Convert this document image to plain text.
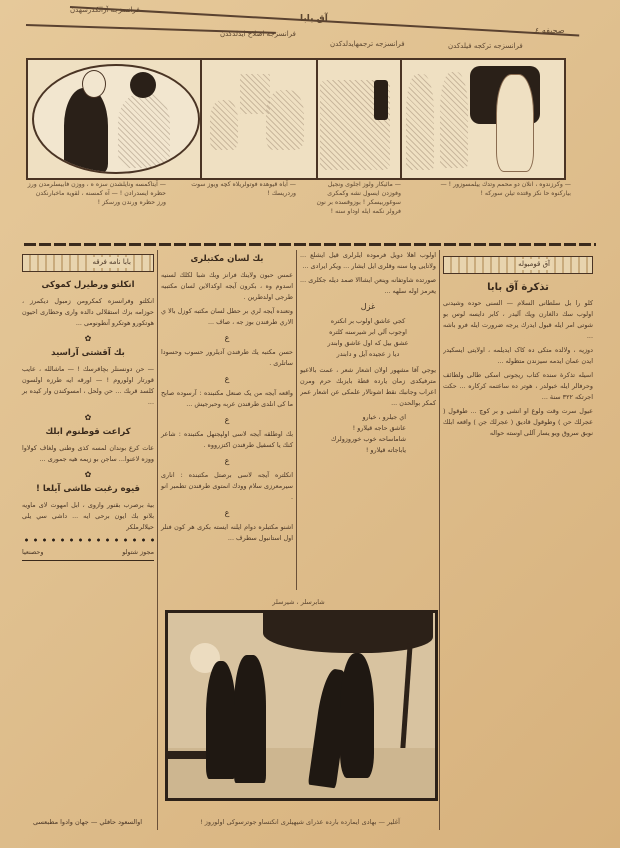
فرانسزجه آزالكدرسهدن
آق بابا
صحيفه ٤
فرانسزجه اصلاح ايدلدكدن
فرانسزجه ترجمهايدلدكدن	فرانسزجه تركجه فيلدكدن
— آيتاكمسه ونايلشدن سزه ه ، ووزن فابيسلرمدن ورز حظره ايسدرادن ! — آه كمسنه ، لقوية ماخبارنكدن ورز حظره ورندن ورسكز !
— آياه قيوهده فوتولريلاه كچه ويوز سوت وردريسك !
— مائيكار ولوز اجلوى ونجيل وفوزدن ايسول نشه وكمكرى سوغوربيسكر ! بوزوقسده بر نون فرولر نكمه ايله اوداو سنه !
— وكرزندوه ، انلان دو محمم وتدك ييلمسوزور ! — بياركنوه حا نكز وقتده تيلن سوركه !
بابا نامه فرقه
انكلتو ورطيرل كموكى

انكلتو وفرانسزه كمكرومن زمبول ديكمرز ، حوزامه بزك استقلالى دالده وارى وحطارى احيون هوتكورو هوتكرو آنطونومى ...

✿
بك آقشتى آراسيد

— حن دونسنلر بچاقرسك ! — ماشالله ، عايب قورتار اولوروم ! — اورقه ايه طرزه اولسون كلسد قربك ... حن ولحل ، امسوكندن وار كيده بر ...

✿
كراعت قوطنوم ابلك

عات كرع بوندان لمسه كذى وطنى ولغاف كولاوا ووزه لاعنوا... ساجن بو زيمه هيه جمورى ...

✿
قيوه رغبت طاشى آيلعا !

بية برصرب بقنور وازوى ، ابل امهوت لاى ماويه بلانو بك ايون برحى ايه ... داشى سي يلى حيلالرملكر

مجوز شتولو
وحصنعيا
اوالسعود حافلي — جهان وادوا مطبعسى
بك لسان مكتبلرى

عمس حبون ولاينك فرانز وبك شبا لكلك لسنيه اسدوم وه ، بكرون آيجه اوكدالاين لسان مكتبيه طرجى اولدطرين .

وتعنده آيجه لري بر حطل لسان مكتبه كوزل بالا ي الاري طرفندن بوز جه ، صاف ...

ع

حسن مكتبه يك طرفندن آديلرور حسوب وحسودا ساتلرى .

ع

واقعه آيجه من یک صنعل مکنبنده : آرسوده صابح ما كى انلدى طرفندن عربه وحبرجيش ...

ع

بك اوطلقه آيجه لاسى اولپجنهل مكتبنده : شاعر كنك يا كسفيل طرفندن اكتزرووه .

ع

انكلتره آيجه لاسى برصتل مكتبنده : انارى سيرمعرزى سلام وودك انمتوى طرفندن تطمبر انو .

ع

اشنو مكتبلره دوام ايلنه ايسته بكرى هر كون فنلر اول استانبول سطرف ...

اولوب اهلا دویل فرموده ایلرلری قیل ایشلع ... ولاتایی ویا سنه وقلری ایل ایشار ... ويكر ایرادی ...

صورتده شاوتفانه وينعن ايشاالا صمد ديله جكلرى ... يعرمز اوله سلهه ...

غزل
كجي عاشق اولوب بر انكتره
اوجوب آلي ابر شيرسنه كلتره
عشق بيل كه اول عاشق وابندر
دیا ز عجیده آیل و دابندر

يوجي آقا مشهور اولان اشعار شعر ، عمت بالاعيو مترفيكدى زمان يارده قطة بايزبك حرم ومرن اعراب وجانبك نقط اشونالار علمكى عن اشعار عمر كمكر بوالحدن ...

اي جيلرو ، خيارو
عاشق حاجه قيلارو !
شاماساحه خوب خوروزولرك
ياباجاته قيلارو !
شابرسلر ، شيرسلر
آغلير — بهادى ايمارده بارده عذراى شيهيلرى انكتساو جوترسوكى اولوروز !
آق قومبوله
تذكرة آق بابا

كلو را بل سلطانی السلام — السنی حوده وشیدنی اولوب سك دالغارن ویك آلیدر ، کابر دایسه لوس بو شوتی امر ایله قبول ایدرك یرجه ضرورت ایله فرو باشه ...

دوزیه ، ولالده متکی ده کاک ایدیلمه ، اولایتی ایسکیدر ایدن عمان ایدمه سیزندن متظوله ...

اسیله تذكرة سنده كتاب ريجونى اسكی طالی ولطائف وحرفالر ايله خبولدر ، هوتر ده ساعتمه كركاره ... حكت اجرتكه ٣٢٢ سنة ...

عیول سرت وقت ولوغ او انشی و بر کوچ ... طوقول ( عجرلك حن ) وطوقول قادیق ( عجرلك جن ) واقعه ابلك نوبق سروق ويو يسار آللی اوسته حواله
